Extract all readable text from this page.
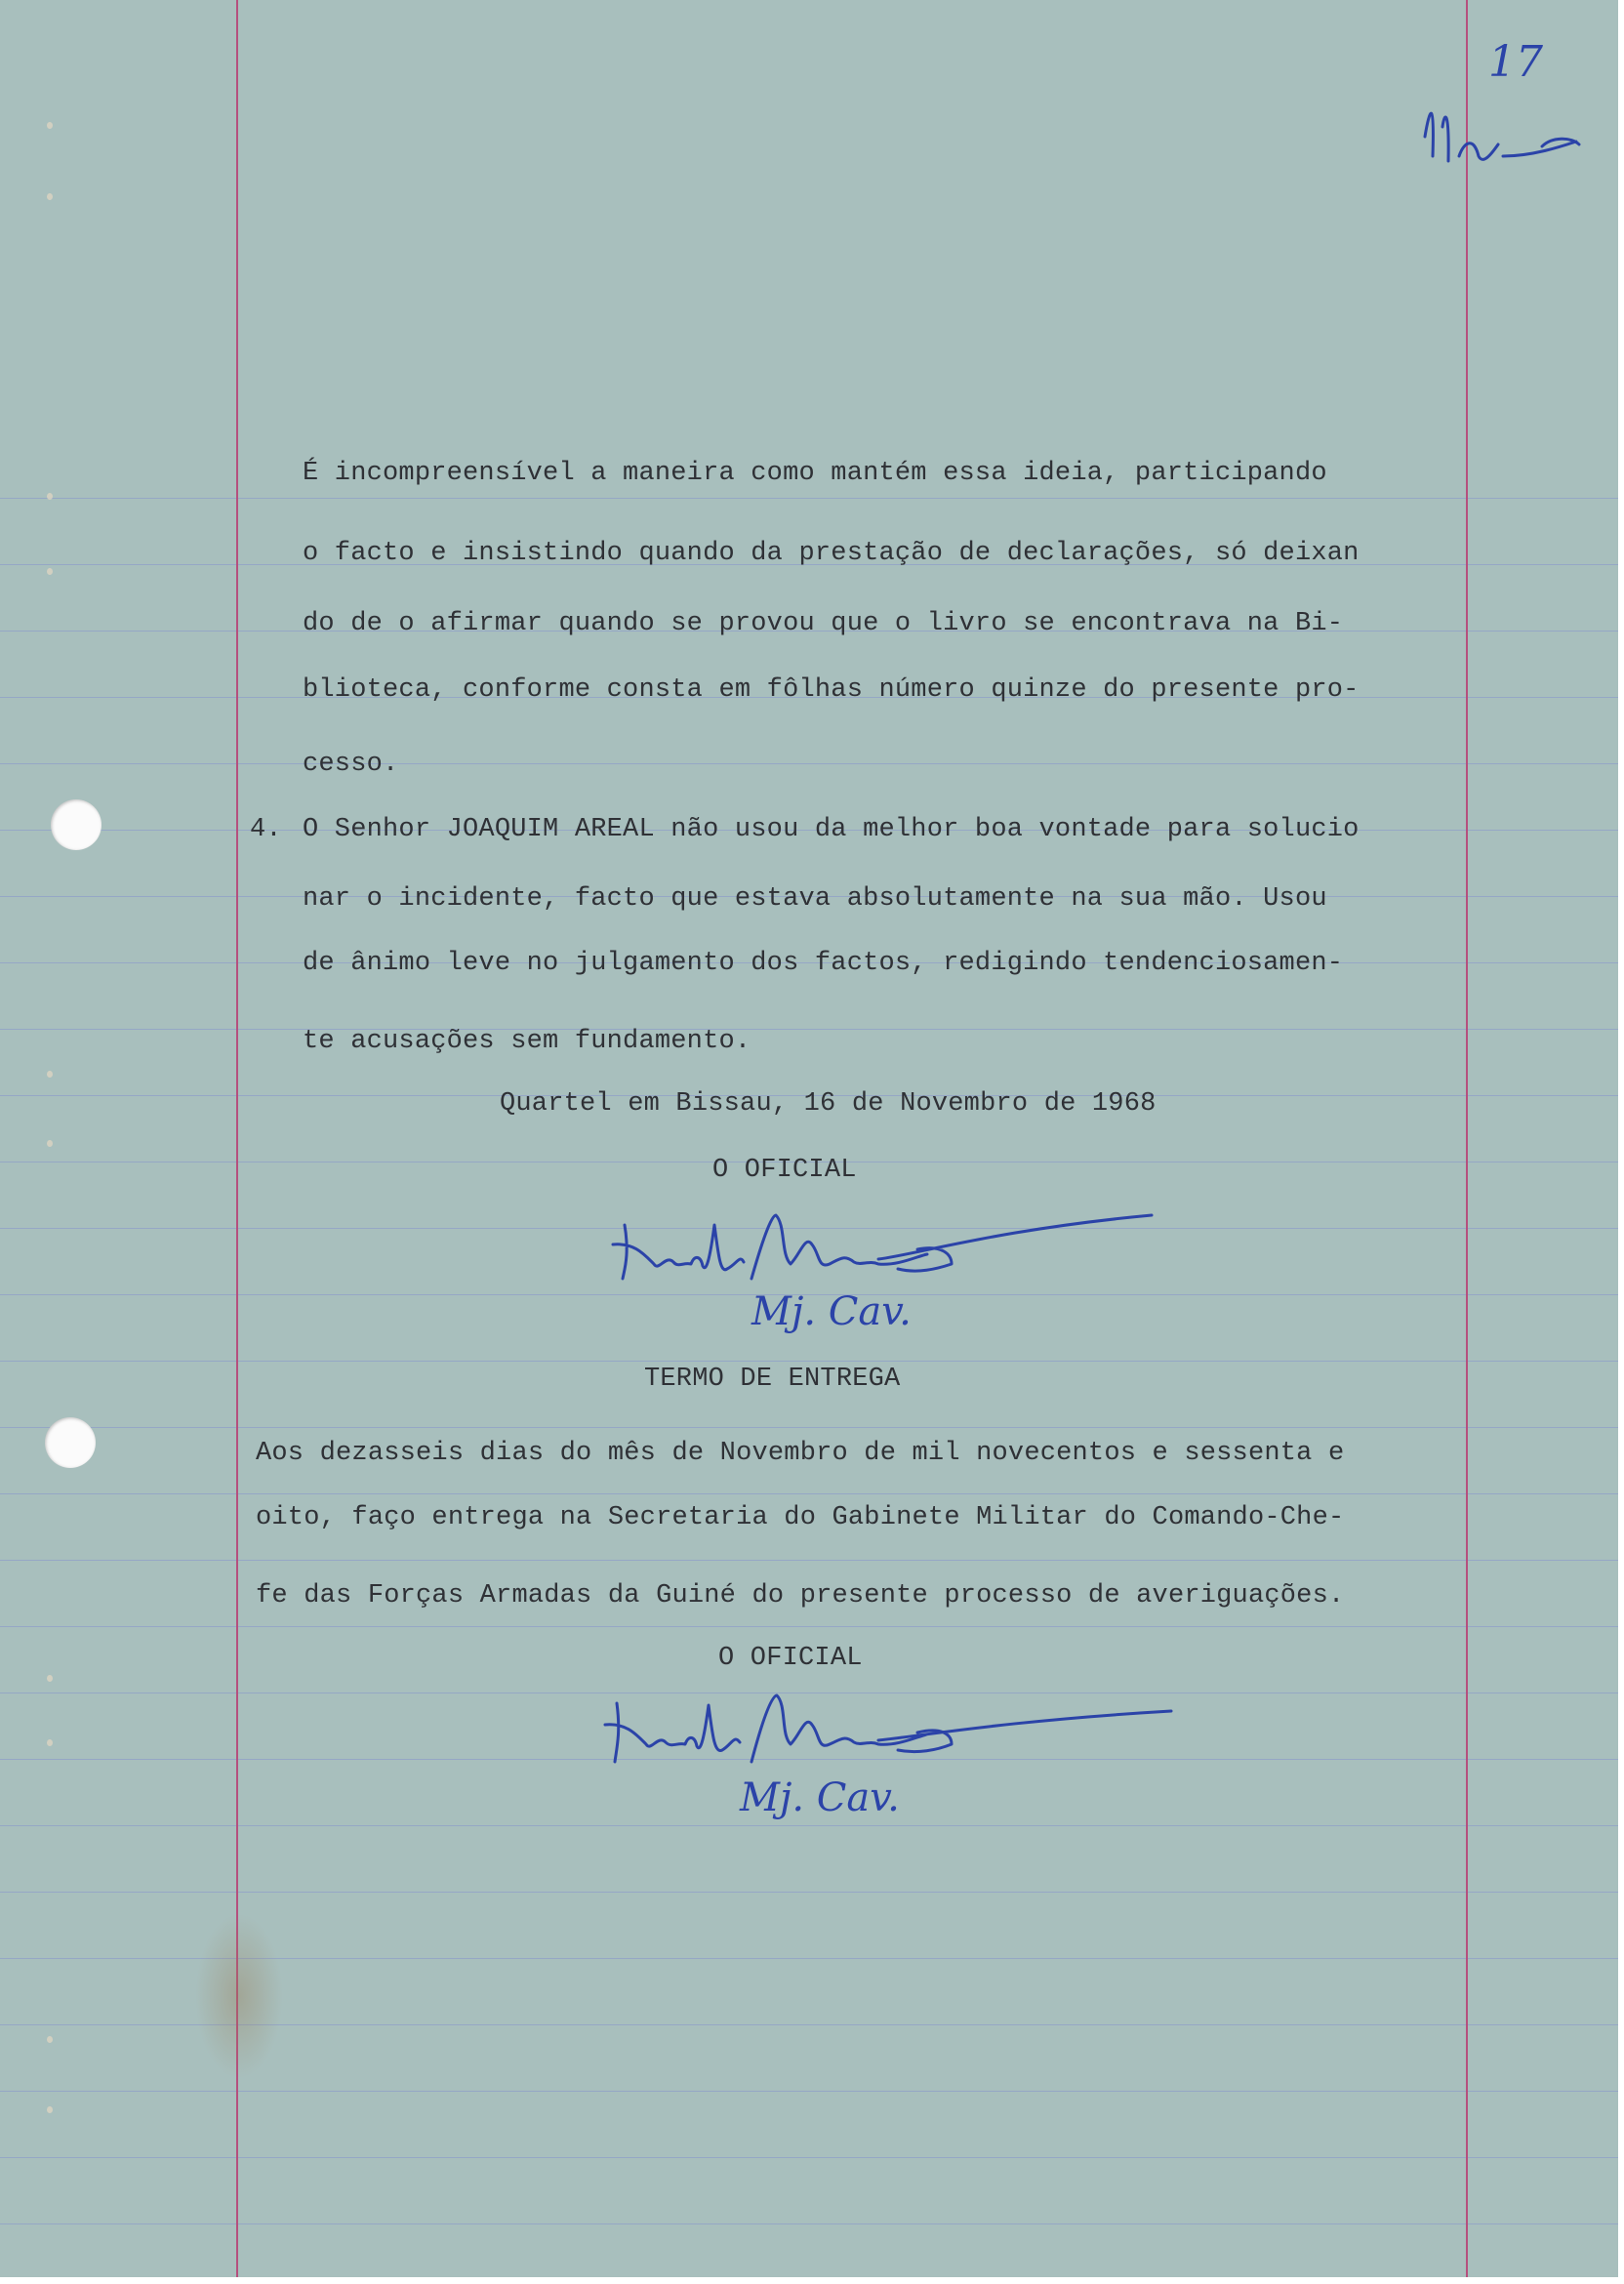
17
É incompreensível a maneira como mantém essa ideia, participando
o facto e insistindo quando da prestação de declarações, só deixan
do de o afirmar quando se provou que o livro se encontrava na Bi-
blioteca, conforme consta em fôlhas número quinze do presente pro-
cesso.
4. O Senhor JOAQUIM AREAL não usou da melhor boa vontade para solucio
nar o incidente, facto que estava absolutamente na sua mão. Usou
de ânimo leve no julgamento dos factos, redigindo tendenciosamen-
te acusações sem fundamento.
Quartel em Bissau, 16 de Novembro de 1968
O OFICIAL
Mj. Cav.
TERMO DE ENTREGA
Aos dezasseis dias do mês de Novembro de mil novecentos e sessenta e
oito, faço entrega na Secretaria do Gabinete Militar do Comando-Che-
fe das Forças Armadas da Guiné do presente processo de averiguações.
O OFICIAL
Mj. Cav.
